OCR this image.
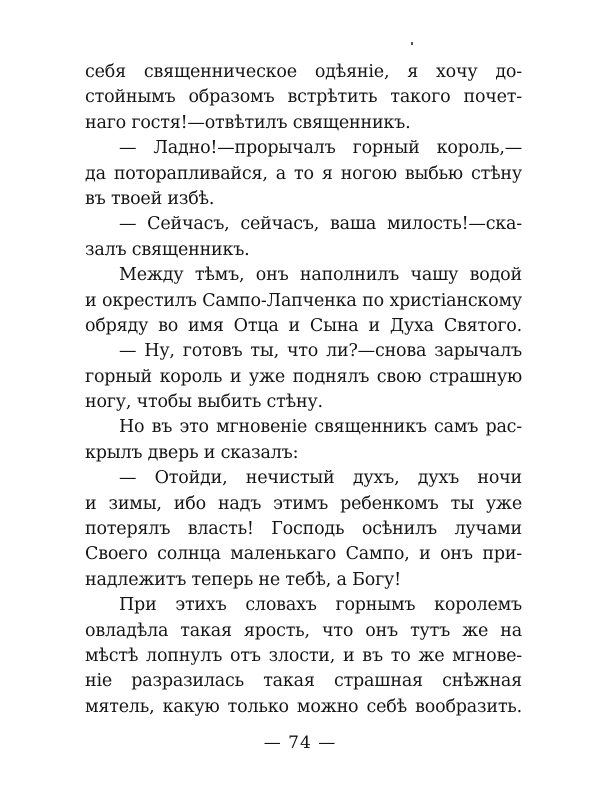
себя священническое одѣяніе, я хочу до-
стойнымъ образомъ встрѣтить такого почет-
наго гостя!—отвѣтилъ священникъ.
— Ладно!—прорычалъ горный король,—
да поторапливайся, а то я ногою выбью стѣну
въ твоей избѣ.
— Сейчасъ, сейчасъ, ваша милость!—ска-
залъ священникъ.
Между тѣмъ, онъ наполнилъ чашу водой
и окрестилъ Сампо-Лапченка по христіанскому
обряду во имя Отца и Сына и Духа Святого.
— Ну, готовъ ты, что ли?—снова зарычалъ
горный король и уже поднялъ свою страшную
ногу, чтобы выбить стѣну.
Но въ это мгновеніе священникъ самъ рас-
крылъ дверь и сказалъ:
— Отойди, нечистый духъ, духъ ночи
и зимы, ибо надъ этимъ ребенкомъ ты уже
потерялъ власть! Господь осѣнилъ лучами
Своего солнца маленькаго Сампо, и онъ при-
надлежитъ теперь не тебѣ, а Богу!
При этихъ словахъ горнымъ королемъ
овладѣла такая ярость, что онъ тутъ же на
мѣстѣ лопнулъ отъ злости, и въ то же мгнове-
ніе разразилась такая страшная снѣжная
мятель, какую только можно себѣ вообразить.
— 74 —
